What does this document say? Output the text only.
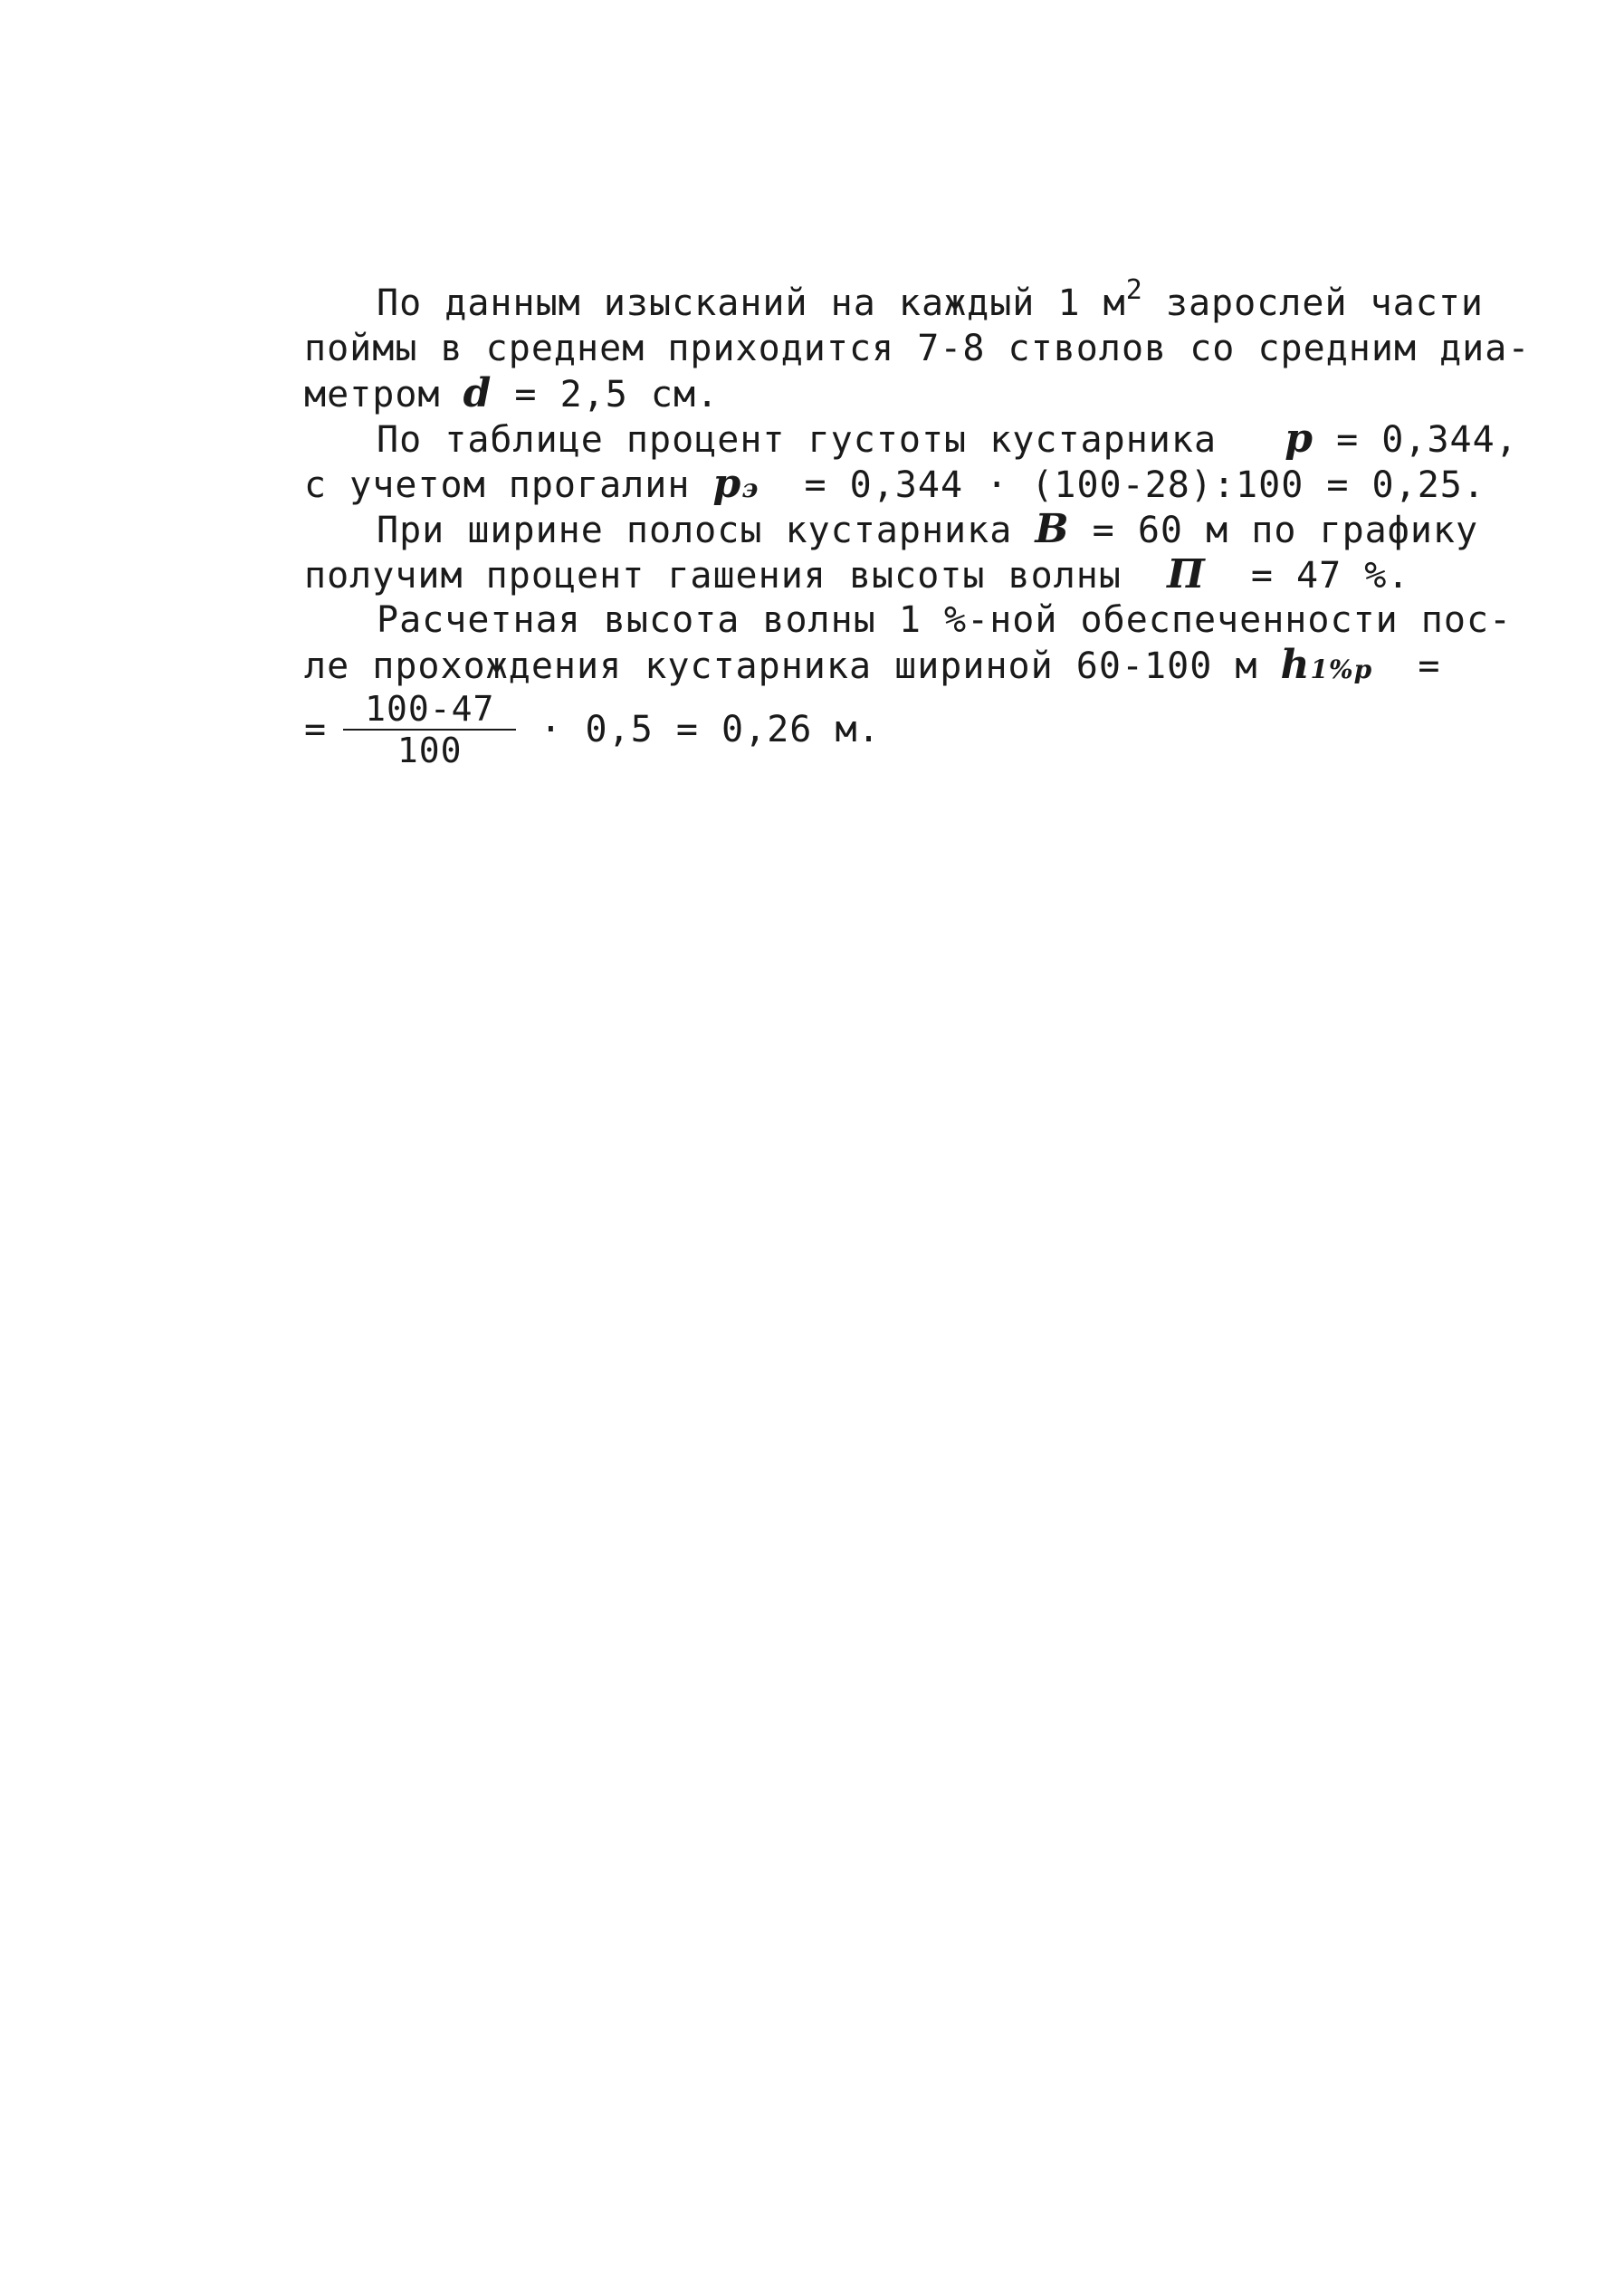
По данным изысканий на каждый 1 $м^2$ зарослей части
поймы в среднем приходится 7-8 стволов со средним диа-
метром d = 2,5 см.
По таблице процент густоты кустарника p = 0,344,
с учетом прогалин p э = 0,344 · (100-28):100 = 0,25.
При ширине полосы кустарника B = 60 м по графику
получим процент гашения высоты волны П = 47 %.
Расчетная высота волны 1 %-ной обеспеченности пос-
ле прохождения кустарника шириной 60-100 м h 1%p =
= $\frac{100-47}{100} \cdot 0,5 = 0,26$ м.
